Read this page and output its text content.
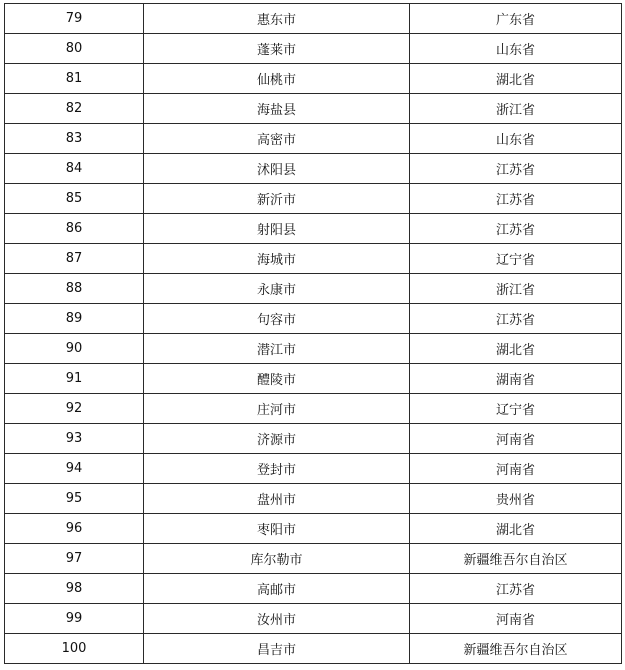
79	惠东市	广东省
80	蓬莱市	山东省
81	仙桃市	湖北省
82	海盐县	浙江省
83	高密市	山东省
84	沭阳县	江苏省
85	新沂市	江苏省
86	射阳县	江苏省
87	海城市	辽宁省
88	永康市	浙江省
89	句容市	江苏省
90	潜江市	湖北省
91	醴陵市	湖南省
92	庄河市	辽宁省
93	济源市	河南省
94	登封市	河南省
95	盘州市	贵州省
96	枣阳市	湖北省
97	库尔勒市	新疆维吾尔自治区
98	高邮市	江苏省
99	汝州市	河南省
100	昌吉市	新疆维吾尔自治区
